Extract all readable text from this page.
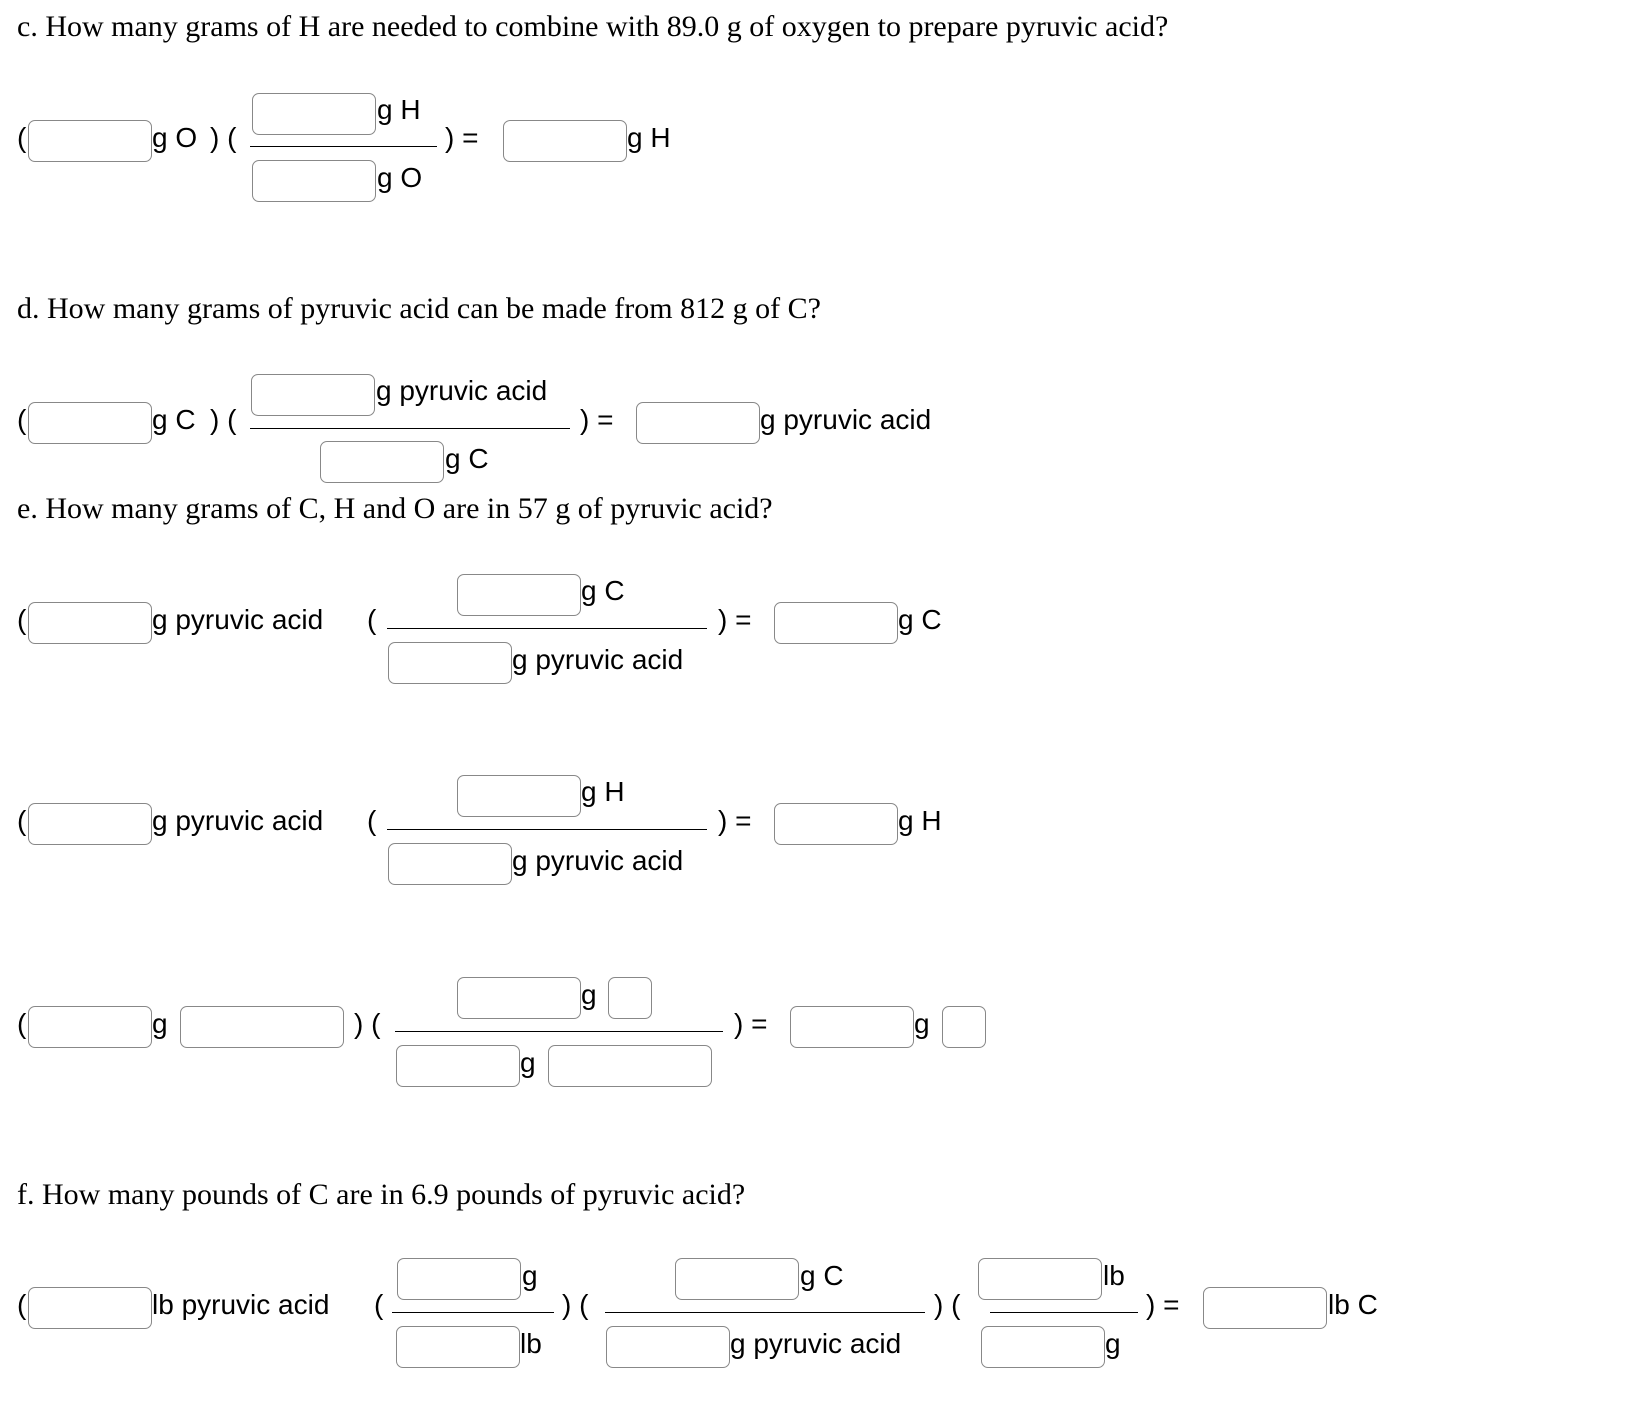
c. How many grams of H are needed to combine with 89.0 g of oxygen to prepare pyruvic acid?
(	g O ) (
g H
g O
) =	g H
d. How many grams of pyruvic acid can be made from 812 g of C?
(	g C ) (
g pyruvic acid
g C
) =	g pyruvic acid
e. How many grams of C, H and O are in 57 g of pyruvic acid?
(	g pyruvic acid (
g C
g pyruvic acid
) =	g C
(	g pyruvic acid (
g H
g pyruvic acid
) =	g H
(	g	) (
g
g
) =	g
f. How many pounds of C are in 6.9 pounds of pyruvic acid?
(	lb pyruvic acid (
g
lb
) (
g C
g pyruvic acid
) (
lb
g
) =	lb C
